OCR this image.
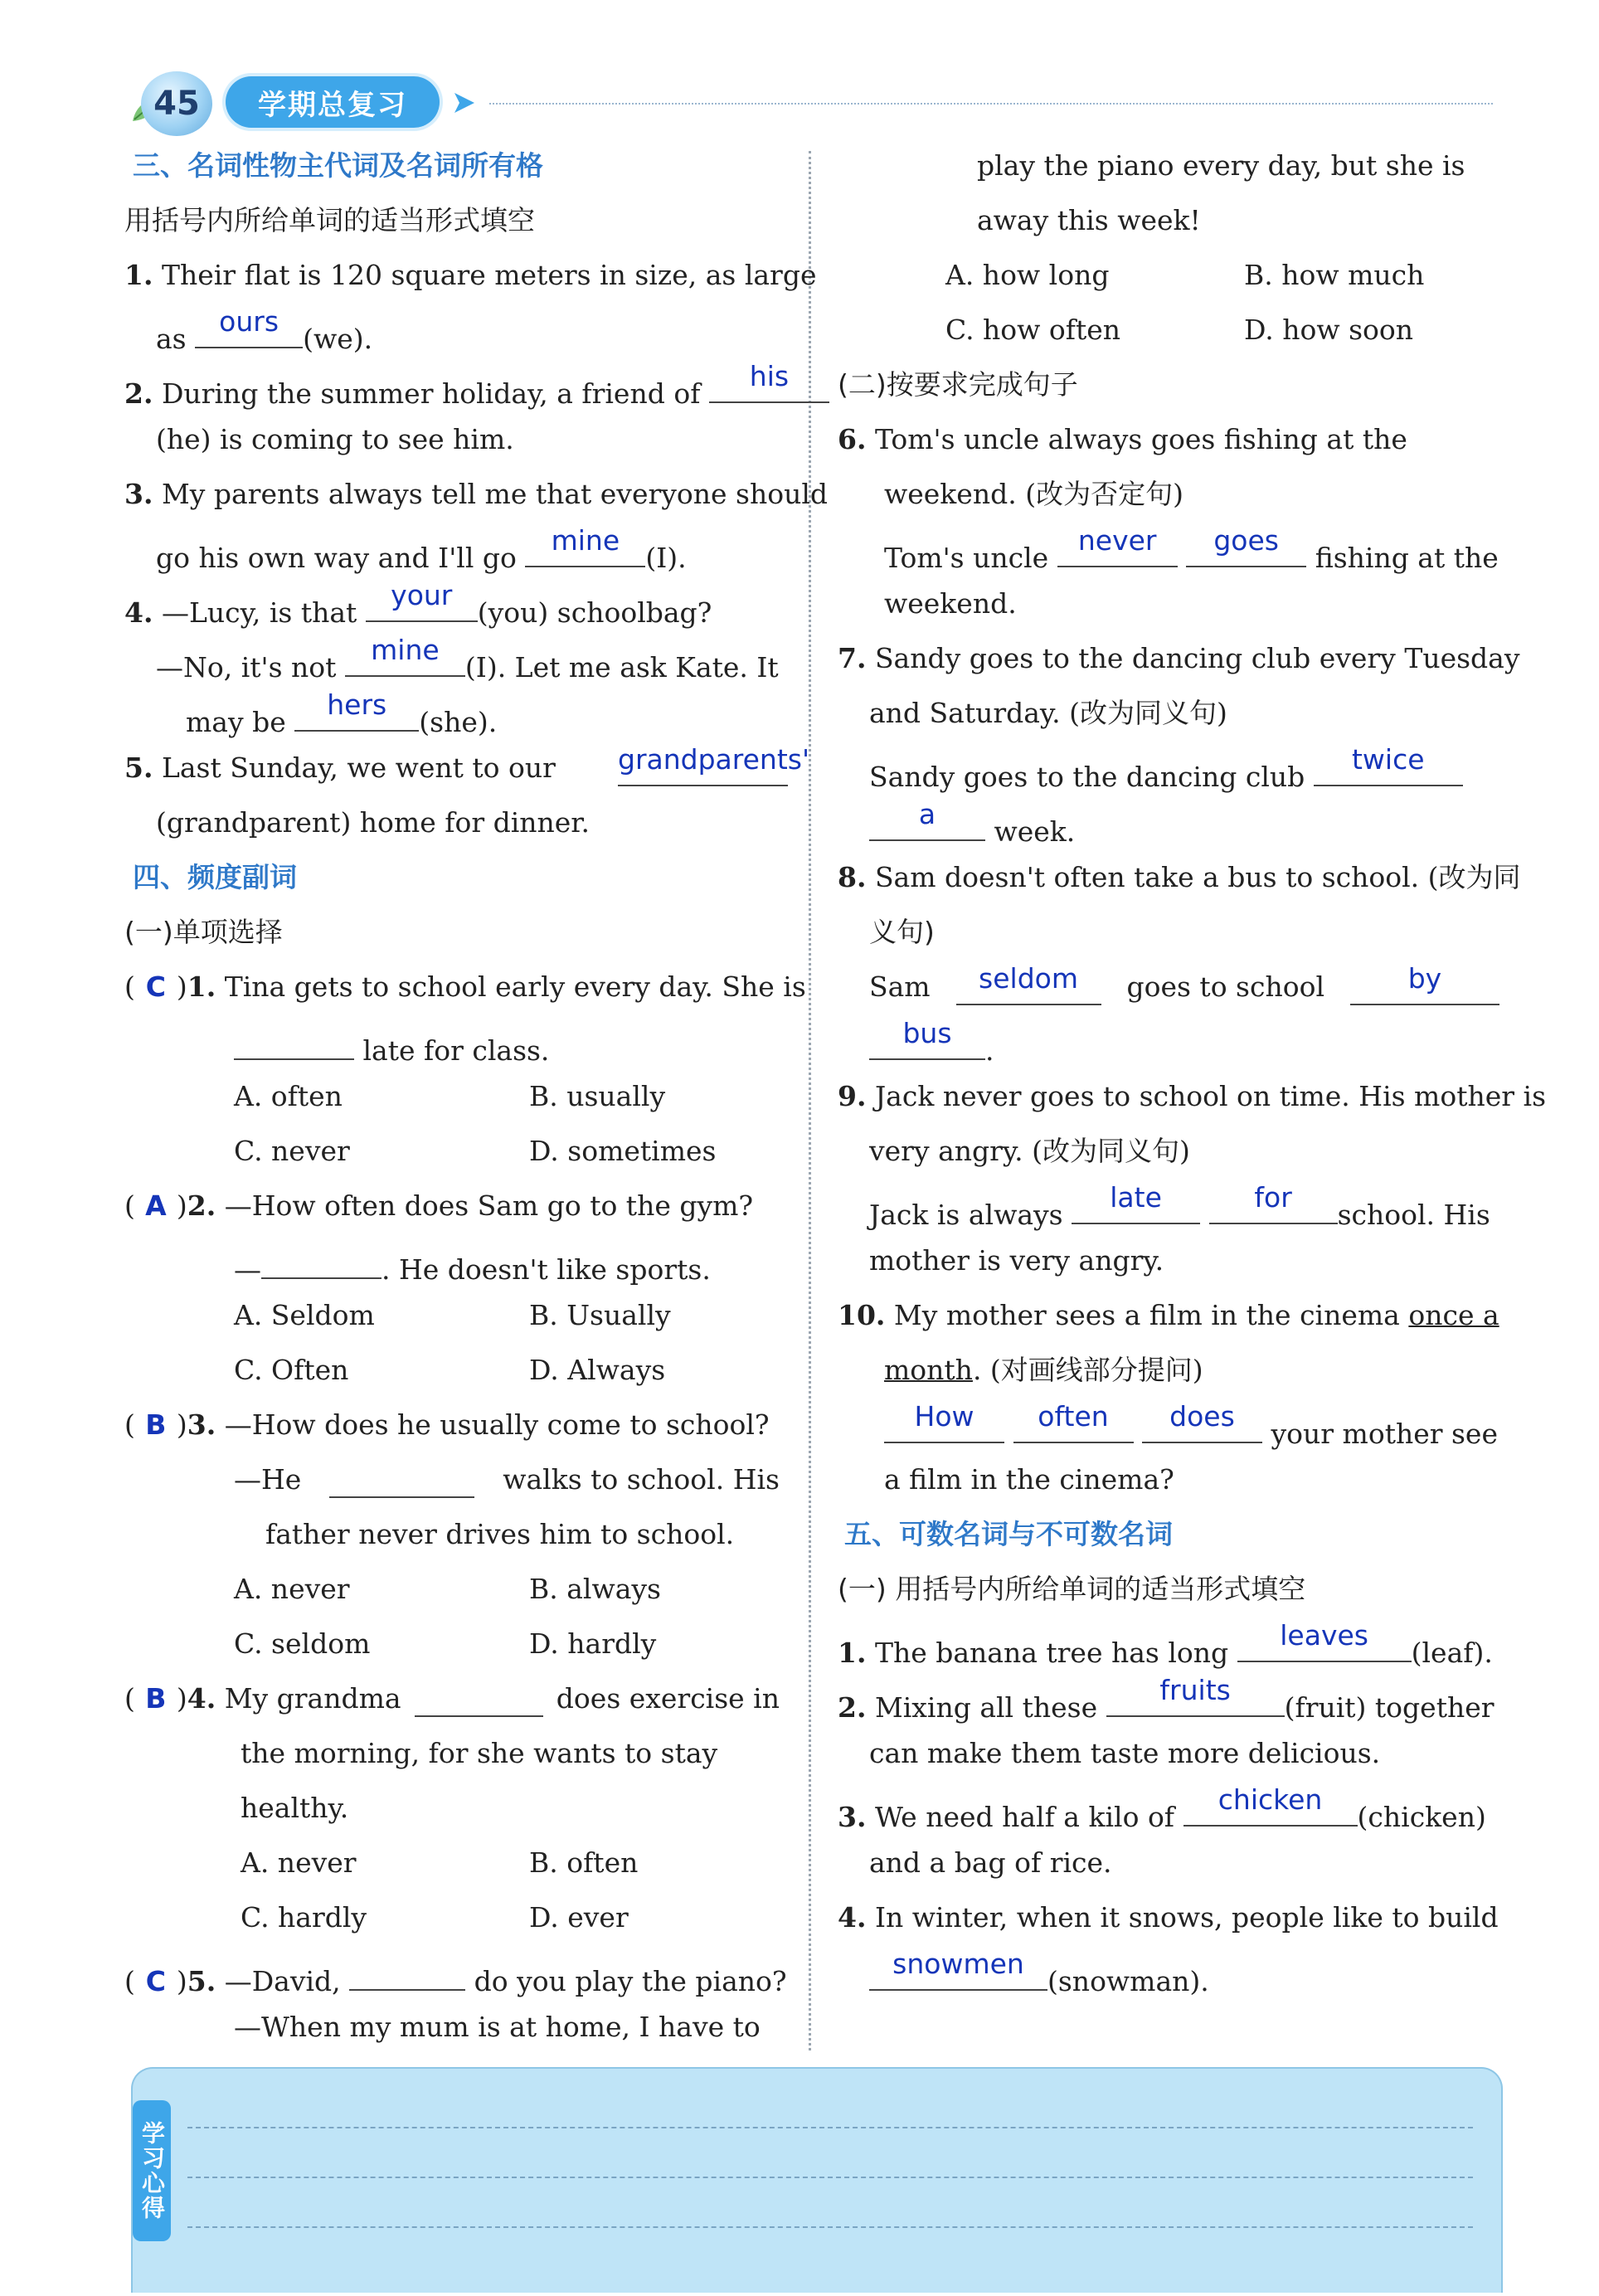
45	学期总复习
三、名词性物主代词及名词所有格
用括号内所给单词的适当形式填空
1. Their flat is 120 square meters in size, as large
as
ours
(we).
2. During the summer holiday, a friend of
his
(he) is coming to see him.
3. My parents always tell me that everyone should
go his own way and I'll go
mine
(I).
4. —Lucy, is that
your
(you) schoolbag?
—No, it's not
mine
(I). Let me ask Kate. It
may be
hers
(she).
5. Last Sunday, we went to our grandparents'
(grandparent) home for dinner.
四、频度副词
(一)单项选择
( C )1. Tina gets to school early every day. She is
late for class.
A. often	B. usually
C. never	D. sometimes
( A )2. —How often does Sam go to the gym?
—	. He doesn't like sports.
A. Seldom	B. Usually
C. Often	D. Always
( B )3. —How does he usually come to school?
—He	walks to school. His
father never drives him to school.
A. never	B. always
C. seldom	D. hardly
( B )4. My grandma	does exercise in
the morning, for she wants to stay
healthy.
A. never	B. often
C. hardly	D. ever
( C )5. —David,	do you play the piano?
—When my mum is at home, I have to
play the piano every day, but she is
away this week!
A. how long	B. how much
C. how often	D. how soon
(二)按要求完成句子
6. Tom's uncle always goes fishing at the
weekend. (改为否定句)
Tom's uncle
never
	goes
fishing at the
weekend.
7. Sandy goes to the dancing club every Tuesday
and Saturday. (改为同义句)
Sandy goes to the dancing club
twice
a
week.
8. Sam doesn't often take a bus to school. (改为同
义句)
Sam	seldom	goes to school	by
bus
.
9. Jack never goes to school on time. His mother is
very angry. (改为同义句)
Jack is always
late
	for
school. His
mother is very angry.
10. My mother sees a film in the cinema once a
month. (对画线部分提问)
How
	often
	does
your mother see
a film in the cinema?
五、可数名词与不可数名词
(一) 用括号内所给单词的适当形式填空
1. The banana tree has long
leaves
(leaf).
2. Mixing all these
fruits
(fruit) together
can make them taste more delicious.
3. We need half a kilo of
chicken
(chicken)
and a bag of rice.
4. In winter, when it snows, people like to build
snowmen
(snowman).
学习心得
